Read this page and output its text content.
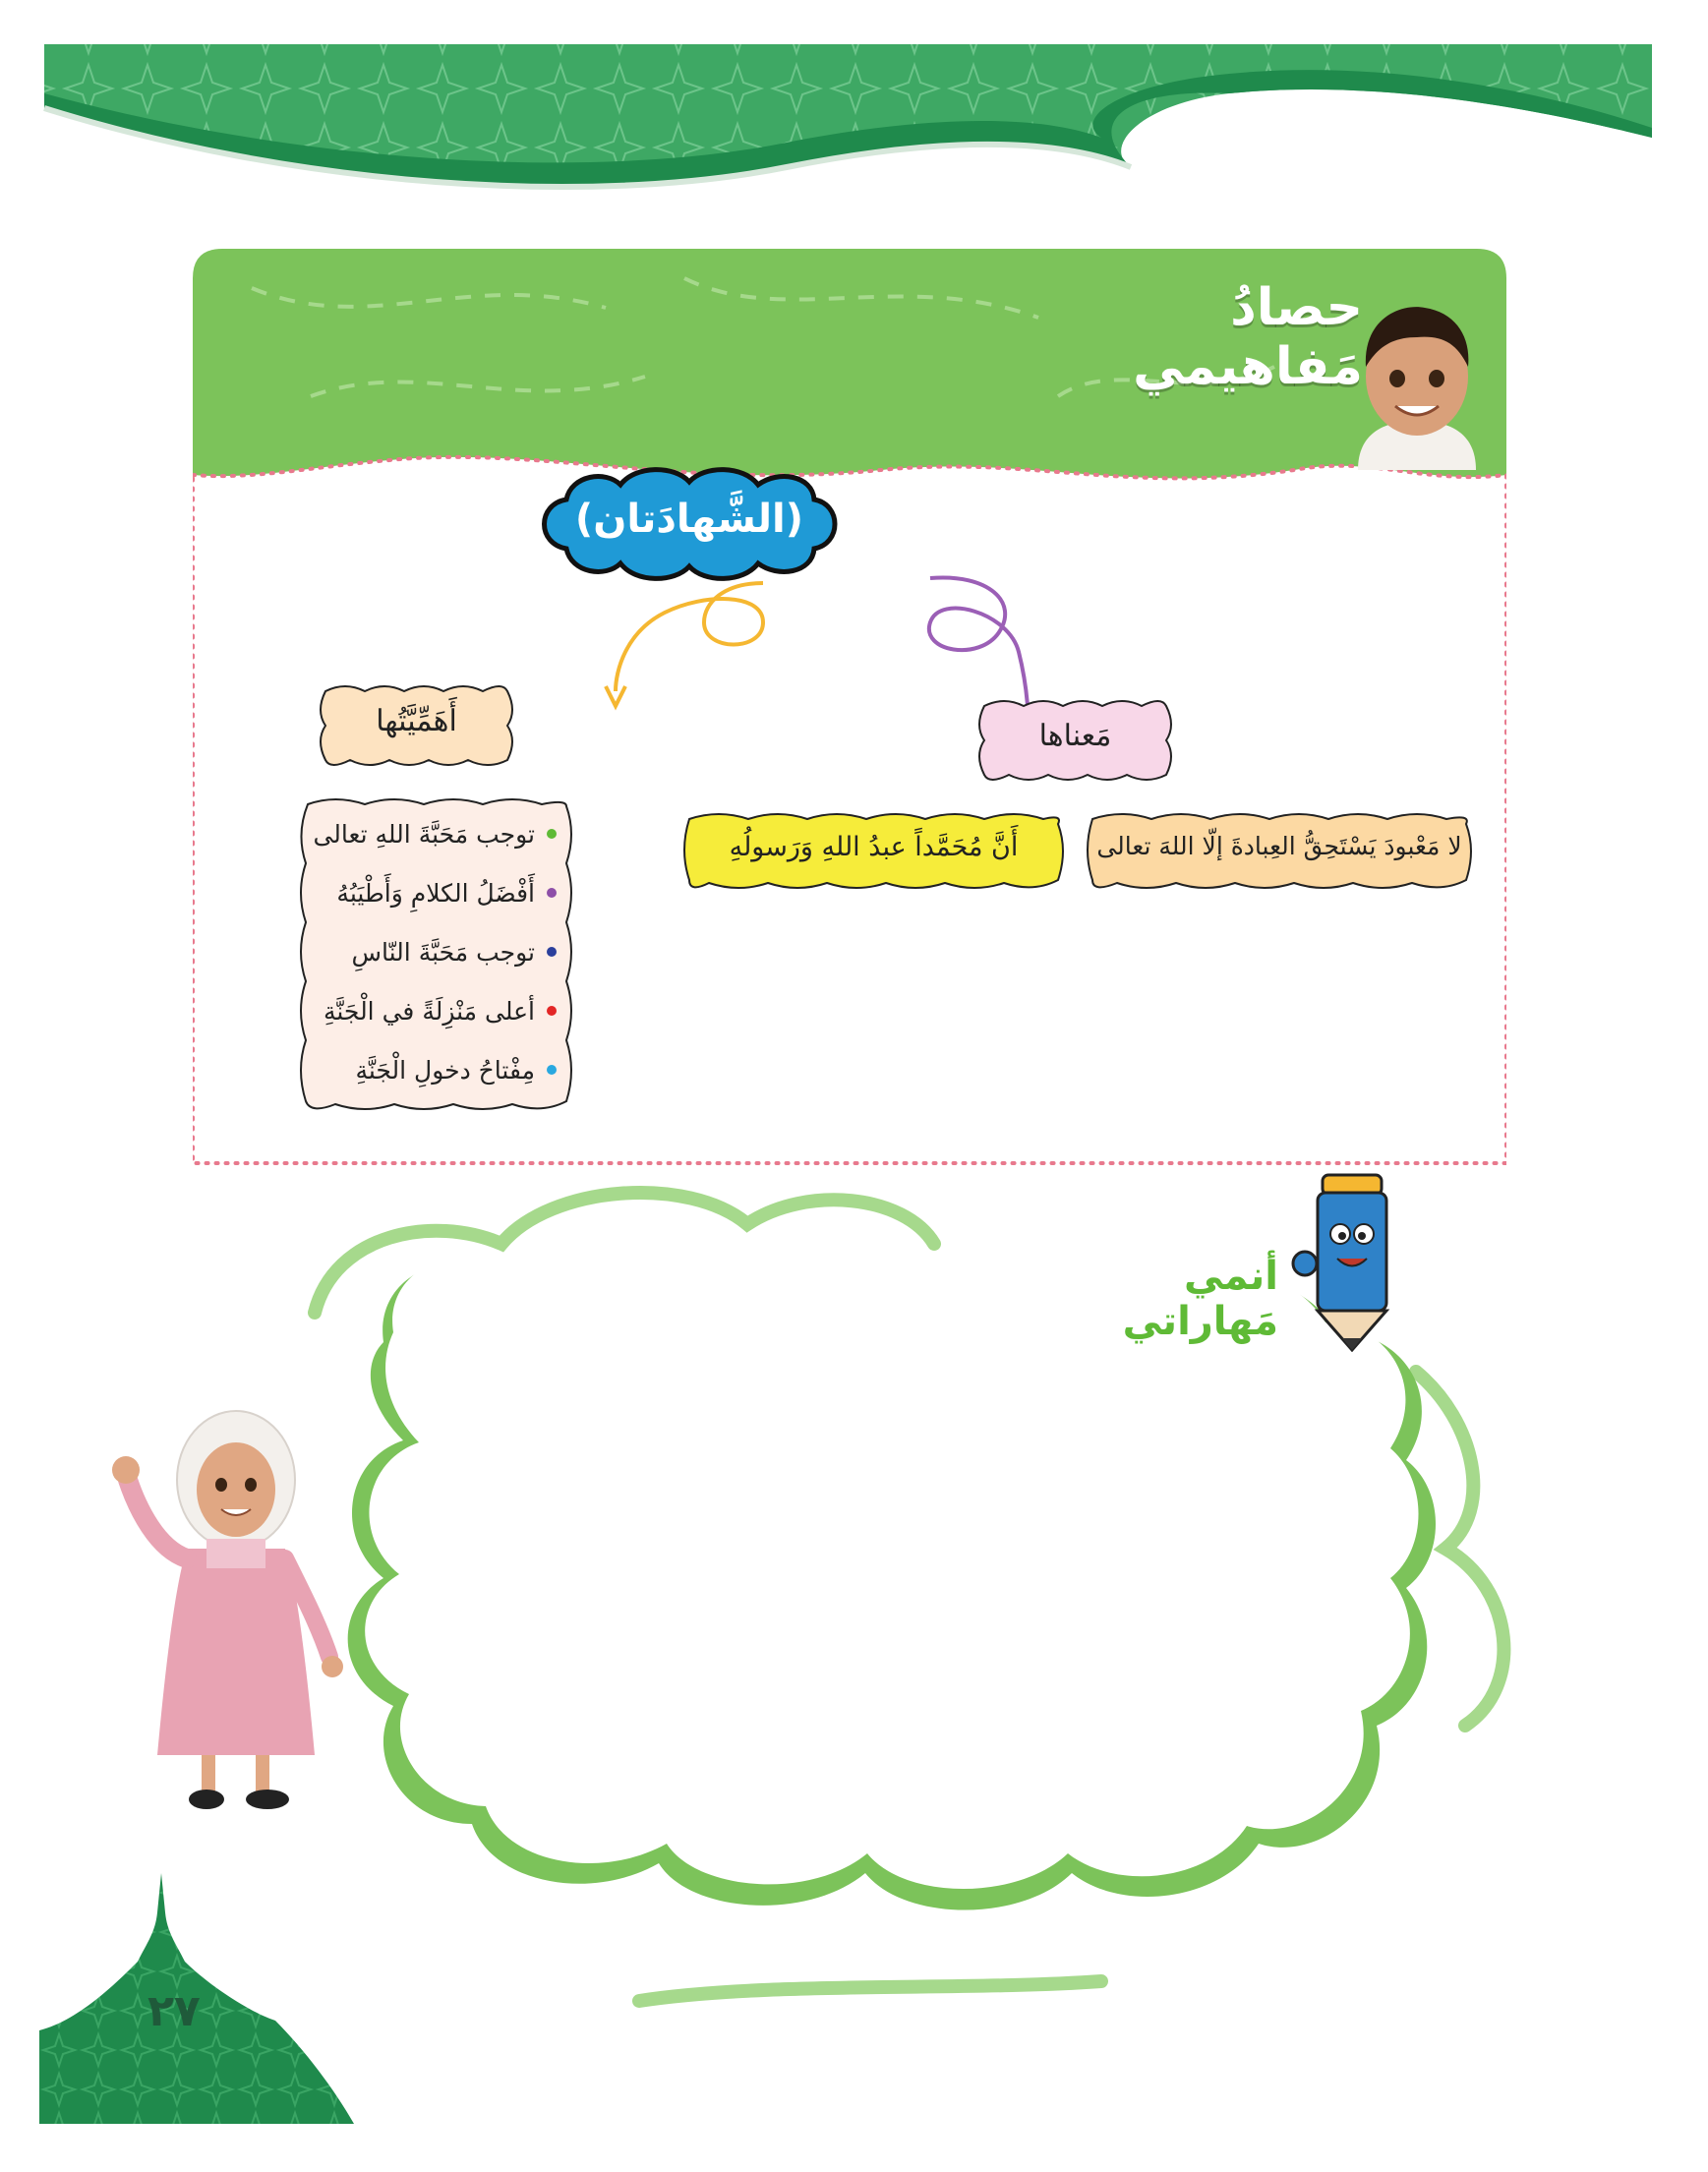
حصادُ
مَفاهيمي
(الشَّهادَتان)
أَهَمِّيَّتُها	مَعناها
توجب مَحَبَّةَ اللهِ تعالى
أَفْضَلُ الكلامِ وَأَطْيَبُهُ
توجب مَحَبَّةَ النّاسِ
أعلى مَنْزِلَةً في الْجَنَّةِ
مِفْتاحُ دخولِ الْجَنَّةِ
أَنَّ مُحَمَّداً عبدُ اللهِ وَرَسولُهِ	لا مَعْبودَ يَسْتَحِقُّ العِبادةَ إلّا اللهَ تعالى
أنمي
مَهاراتي
٢٧
